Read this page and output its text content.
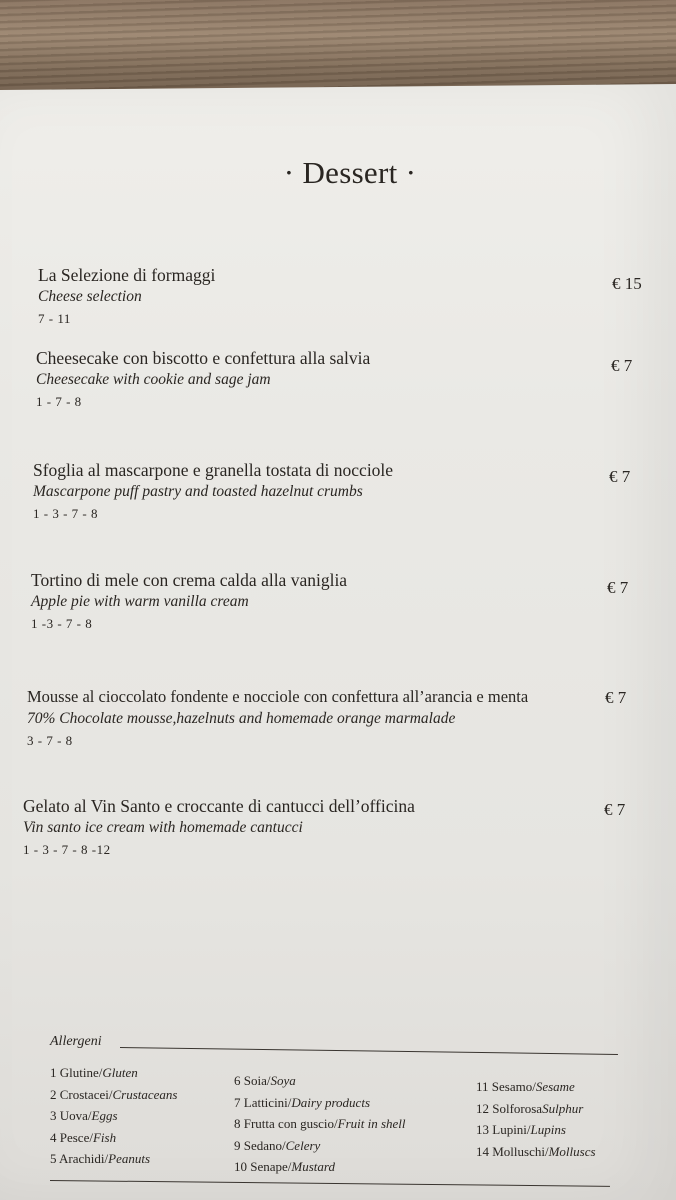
· Dessert ·
La Selezione di formaggi
Cheese selection
7 - 11
€ 15
Cheesecake con biscotto e confettura alla salvia
Cheesecake with cookie and sage jam
1 - 7 - 8
€ 7
Sfoglia al mascarpone e granella tostata di nocciole
Mascarpone puff pastry and toasted hazelnut crumbs
1 - 3 - 7 - 8
€ 7
Tortino di mele con crema calda alla vaniglia
Apple pie with warm vanilla cream
1 -3 - 7 - 8
€ 7
Mousse al cioccolato fondente e nocciole con confettura all’arancia e menta
70% Chocolate mousse,hazelnuts and homemade orange marmalade
3 - 7 - 8
€ 7
Gelato al Vin Santo e croccante di cantucci dell’officina
Vin santo ice cream with homemade cantucci
1 - 3 - 7 - 8 -12
€ 7
Allergeni
1 Glutine/Gluten
2 Crostacei/Crustaceans
3 Uova/Eggs
4 Pesce/Fish
5 Arachidi/Peanuts
6 Soia/Soya
7 Latticini/Dairy products
8 Frutta con guscio/Fruit in shell
9 Sedano/Celery
10 Senape/Mustard
11 Sesamo/Sesame
12 SolforosaSulphur
13 Lupini/Lupins
14 Molluschi/Molluscs
